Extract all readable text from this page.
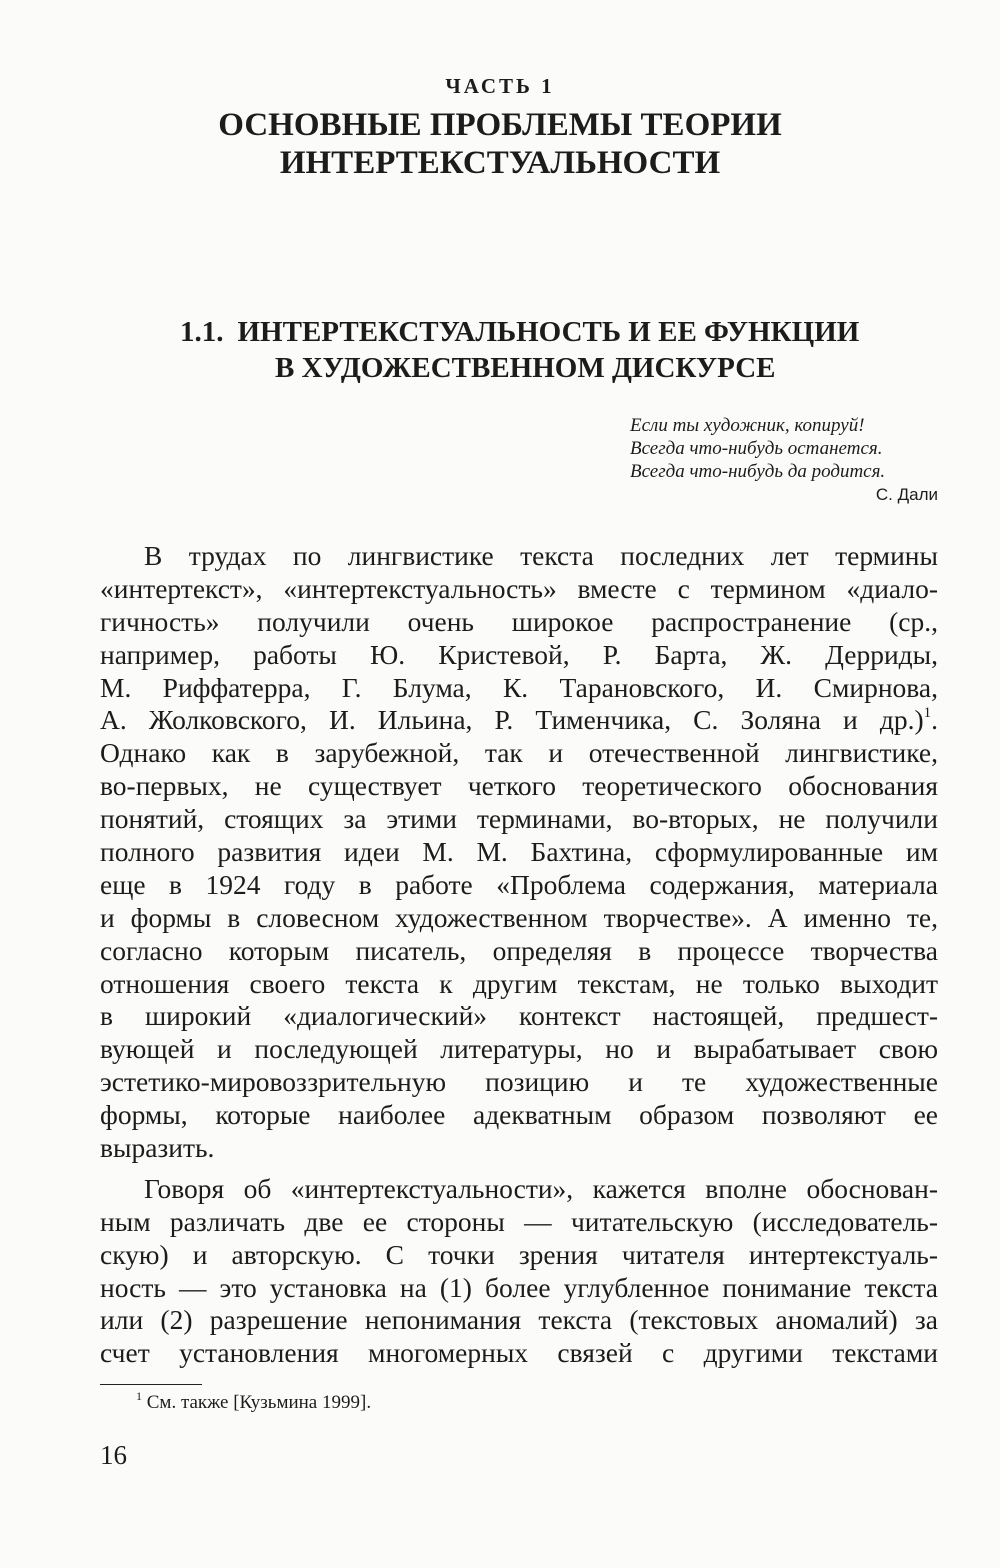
ЧАСТЬ 1
ОСНОВНЫЕ ПРОБЛЕМЫ ТЕОРИИ
ИНТЕРТЕКСТУАЛЬНОСТИ
1.1. ИНТЕРТЕКСТУАЛЬНОСТЬ И ЕЕ ФУНКЦИИ
В ХУДОЖЕСТВЕННОМ ДИСКУРСЕ
Если ты художник, копируй!
Всегда что-нибудь останется.
Всегда что-нибудь да родится.
С. Дали
В трудах по лингвистике текста последних лет термины
«интертекст», «интертекстуальность» вместе с термином «диало-
гичность» получили очень широкое распространение (ср.,
например, работы Ю. Кристевой, Р. Барта, Ж. Дерриды,
М. Риффатерра, Г. Блума, К. Тарановского, И. Смирнова,
А. Жолковского, И. Ильина, Р. Тименчика, С. Золяна и др.)$^1$.
Однако как в зарубежной, так и отечественной лингвистике,
во-первых, не существует четкого теоретического обоснования
понятий, стоящих за этими терминами, во-вторых, не получили
полного развития идеи М. М. Бахтина, сформулированные им
еще в 1924 году в работе «Проблема содержания, материала
и формы в словесном художественном творчестве». А именно те,
согласно которым писатель, определяя в процессе творчества
отношения своего текста к другим текстам, не только выходит
в широкий «диалогический» контекст настоящей, предшест-
вующей и последующей литературы, но и вырабатывает свою
эстетико-мировоззрительную позицию и те художественные
формы, которые наиболее адекватным образом позволяют ее
выразить.
Говоря об «интертекстуальности», кажется вполне обоснован-
ным различать две ее стороны — читательскую (исследователь-
скую) и авторскую. С точки зрения читателя интертекстуаль-
ность — это установка на (1) более углубленное понимание текста
или (2) разрешение непонимания текста (текстовых аномалий) за
счет установления многомерных связей с другими текстами
$^1$ См. также [Кузьмина 1999].
16
